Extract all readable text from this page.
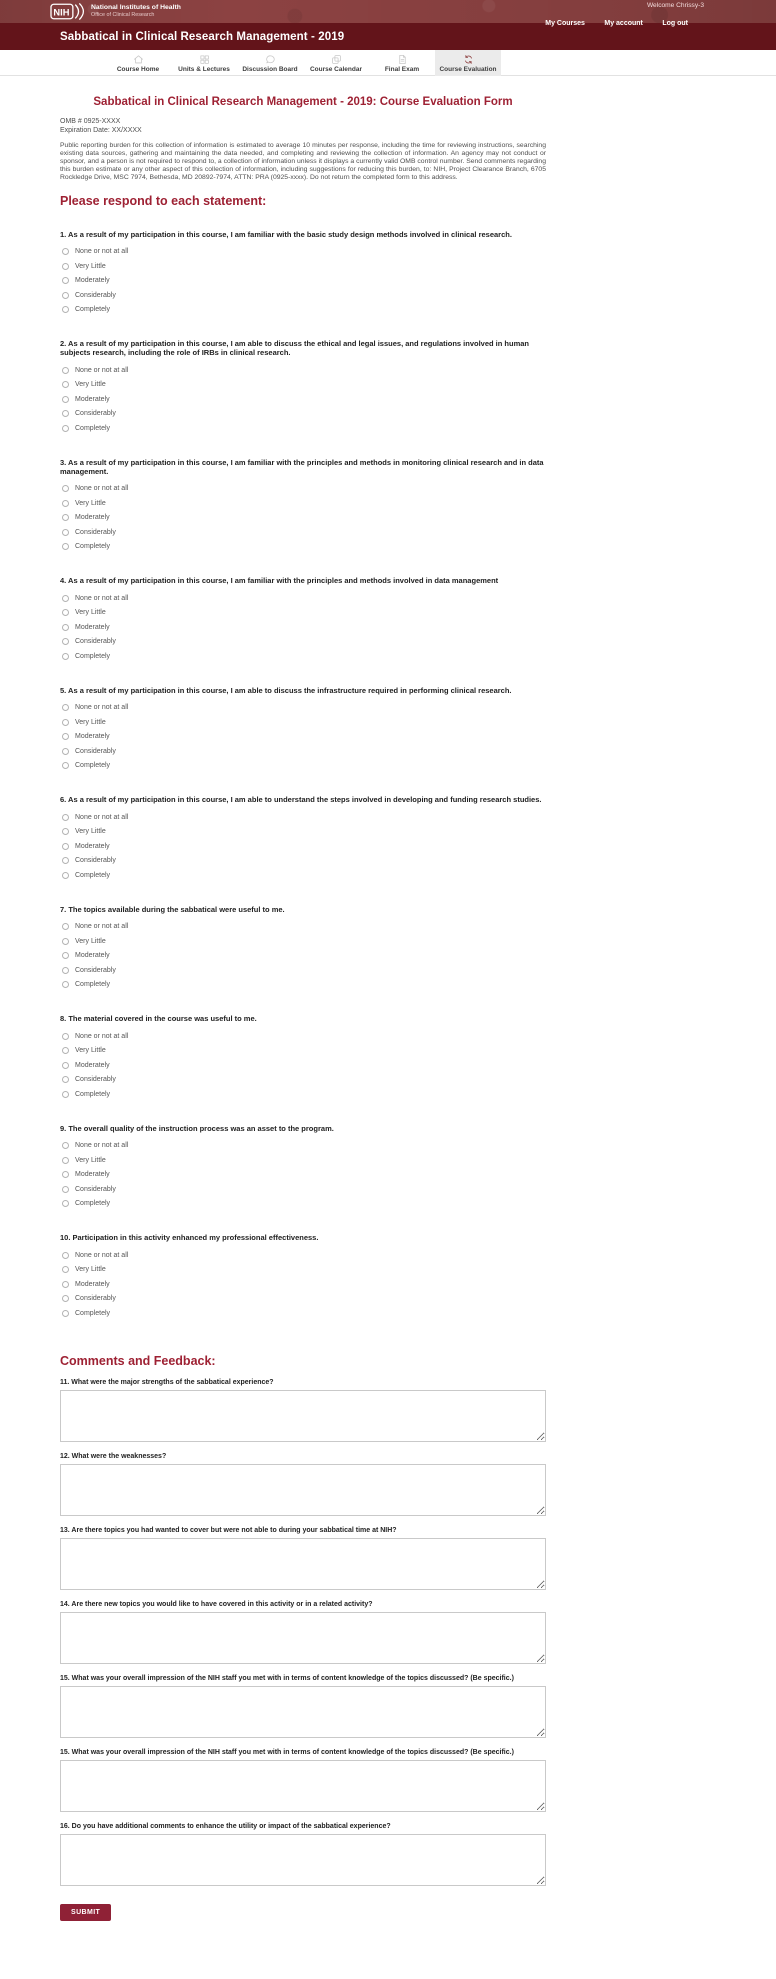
NIH	National Institutes of Health
Office of Clinical Research
Welcome Chrissy-3
My Courses	My account	Log out
Sabbatical in Clinical Research Management - 2019
Course Home	Units & Lectures Discussion Board Course Calendar	Final Exam	Course Evaluation
Sabbatical in Clinical Research Management - 2019: Course Evaluation Form
OMB # 0925-XXXX
Expiration Date: XX/XXXX

Public reporting burden for this collection of information is estimated to average 10 minutes per response, including the time for reviewing instructions, searching existing data sources, gathering and maintaining the data needed, and completing and reviewing the collection of information. An agency may not conduct or sponsor, and a person is not required to respond to, a collection of information unless it displays a currently valid OMB control number. Send comments regarding this burden estimate or any other aspect of this collection of information, including suggestions for reducing this burden, to: NIH, Project Clearance Branch, 6705 Rockledge Drive, MSC 7974, Bethesda, MD 20892-7974, ATTN: PRA (0925-xxxx). Do not return the completed form to this address.

Please respond to each statement:
1. As a result of my participation in this course, I am familiar with the basic study design methods involved in clinical research.
None or not at all
Very Little
Moderately
Considerably
Completely
2. As a result of my participation in this course, I am able to discuss the ethical and legal issues, and regulations involved in human subjects research, including the role of IRBs in clinical research.
None or not at all
Very Little
Moderately
Considerably
Completely
3. As a result of my participation in this course, I am familiar with the principles and methods in monitoring clinical research and in data management.
None or not at all
Very Little
Moderately
Considerably
Completely
4. As a result of my participation in this course, I am familiar with the principles and methods involved in data management
None or not at all
Very Little
Moderately
Considerably
Completely
5. As a result of my participation in this course, I am able to discuss the infrastructure required in performing clinical research.
None or not at all
Very Little
Moderately
Considerably
Completely
6. As a result of my participation in this course, I am able to understand the steps involved in developing and funding research studies.
None or not at all
Very Little
Moderately
Considerably
Completely
7. The topics available during the sabbatical were useful to me.
None or not at all
Very Little
Moderately
Considerably
Completely
8. The material covered in the course was useful to me.
None or not at all
Very Little
Moderately
Considerably
Completely
9. The overall quality of the instruction process was an asset to the program.
None or not at all
Very Little
Moderately
Considerably
Completely
10. Participation in this activity enhanced my professional effectiveness.
None or not at all
Very Little
Moderately
Considerably
Completely
Comments and Feedback:
11. What were the major strengths of the sabbatical experience?
12. What were the weaknesses?
13. Are there topics you had wanted to cover but were not able to during your sabbatical time at NIH?
14. Are there new topics you would like to have covered in this activity or in a related activity?
15. What was your overall impression of the NIH staff you met with in terms of content knowledge of the topics discussed? (Be specific.)
15. What was your overall impression of the NIH staff you met with in terms of content knowledge of the topics discussed? (Be specific.)
16. Do you have additional comments to enhance the utility or impact of the sabbatical experience?
SUBMIT
